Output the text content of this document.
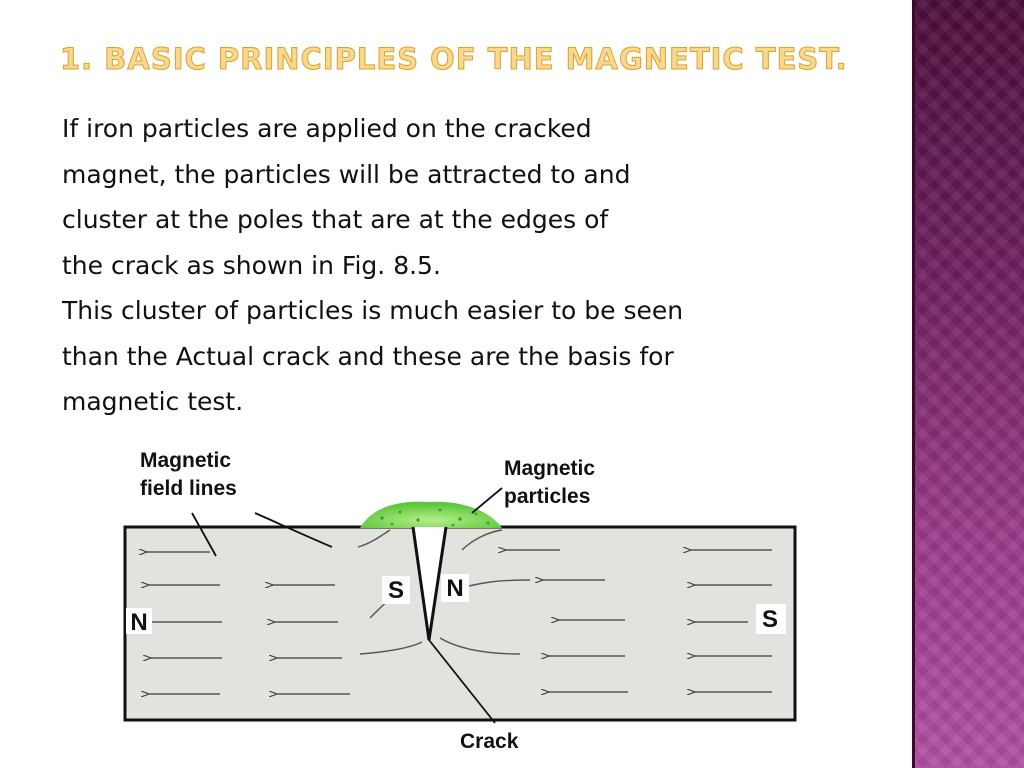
1. BASIC PRINCIPLES OF THE MAGNETIC TEST.
If iron particles are applied on the cracked
magnet, the particles will be attracted to and
cluster at the poles that are at the edges of
the crack as shown in Fig. 8.5.
This cluster of particles is much easier to be seen
than the Actual crack and these are the basis for
magnetic test.
N	S
S N
Magnetic
field lines
Magnetic
particles
Crack
